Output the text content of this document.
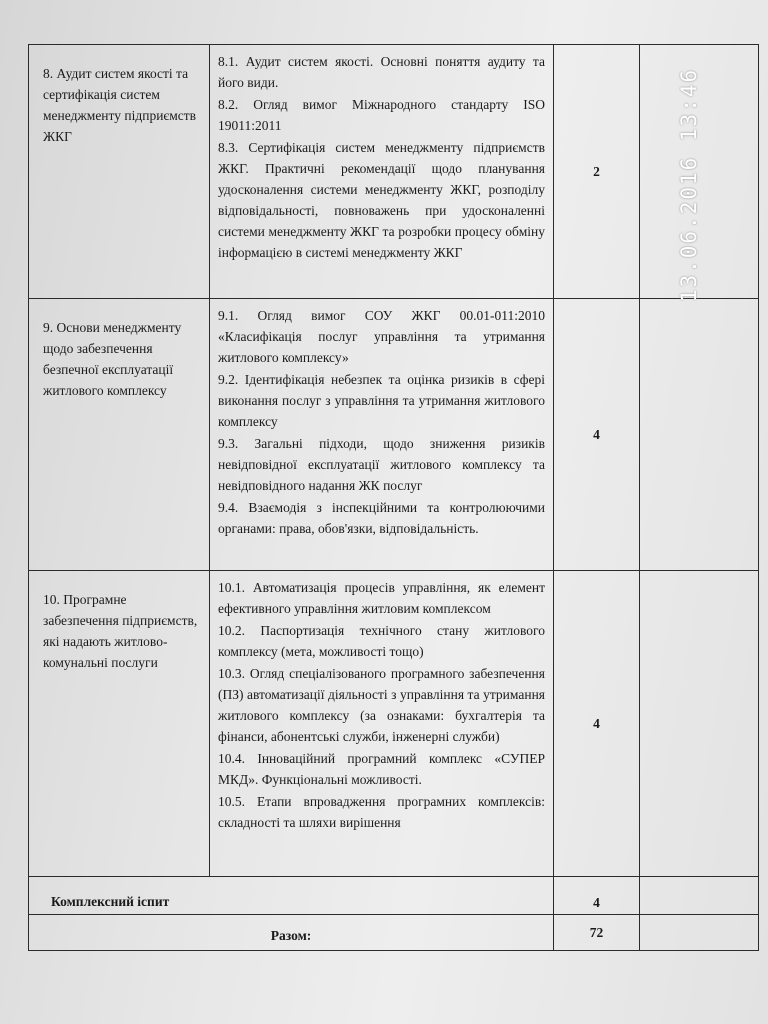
8. Аудит систем якості та сертифікація систем менеджменту підприємств ЖКГ	8.1. Аудит систем якості. Основні поняття аудиту та його види.

8.2. Огляд вимог Міжнародного стандарту ISO 19011:2011

8.3. Сертифікація систем менеджменту підприємств ЖКГ. Практичні рекомендації щодо планування удосконалення системи менеджменту ЖКГ, розподілу відповідальності, повноважень при удосконаленні системи менеджменту ЖКГ та розробки процесу обміну інформацією в системі менеджменту ЖКГ	2	
9. Основи менеджменту щодо забезпечення безпечної експлуатації житлового комплексу	9.1. Огляд вимог СОУ ЖКГ 00.01-011:2010 «Класифікація послуг управління та утримання житлового комплексу»

9.2. Ідентифікація небезпек та оцінка ризиків в сфері виконання послуг з управління та утримання житлового комплексу

9.3. Загальні підходи, щодо зниження ризиків невідповідної експлуатації житлового комплексу та невідповідного надання ЖК послуг

9.4. Взаємодія з інспекційними та контролюючими органами: права, обов'язки, відповідальність.	4	
10. Програмне забезпечення підприємств, які надають житлово-комунальні послуги	10.1. Автоматизація процесів управління, як елемент ефективного управління житловим комплексом

10.2. Паспортизація технічного стану житлового комплексу (мета, можливості тощо)

10.3. Огляд спеціалізованого програмного забезпечення (ПЗ) автоматизації діяльності з управління та утримання житлового комплексу (за ознаками: бухгалтерія та фінанси, абонентські служби, інженерні служби)

10.4. Інноваційний програмний комплекс «СУПЕР МКД». Функціональні можливості.

10.5. Етапи впровадження програмних комплексів: складності та шляхи вирішення	4	
Комплексний іспит		4	
Разом:		72	
13.06.2016 13:46
